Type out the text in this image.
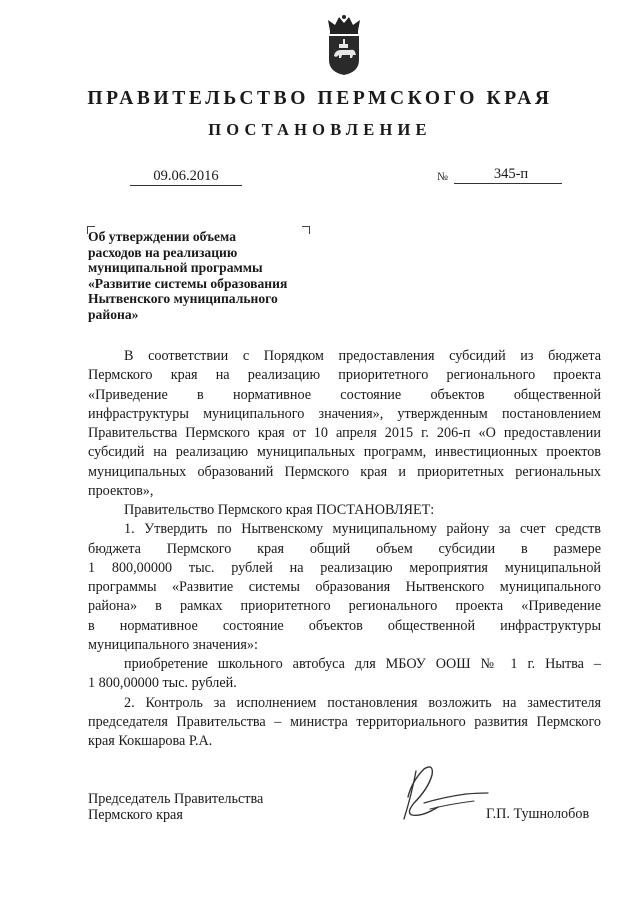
ПРАВИТЕЛЬСТВО ПЕРМСКОГО КРАЯ
ПОСТАНОВЛЕНИЕ
09.06.2016	№	345-п
Об утверждении объема
расходов на реализацию
муниципальной программы
«Развитие системы образования
Нытвенского муниципального
района»
В соответствии с Порядком предоставления субсидий из бюджета
Пермского края на реализацию приоритетного регионального проекта
«Приведение в нормативное состояние объектов общественной
инфраструктуры муниципального значения», утвержденным постановлением
Правительства Пермского края от 10 апреля 2015 г. 206-п «О предоставлении
субсидий на реализацию муниципальных программ, инвестиционных проектов
муниципальных образований Пермского края и приоритетных региональных
проектов»,
Правительство Пермского края ПОСТАНОВЛЯЕТ:
1. Утвердить по Нытвенскому муниципальному району за счет средств
бюджета Пермского края общий объем субсидии в размере
1 800,00000 тыс. рублей на реализацию мероприятия муниципальной
программы «Развитие системы образования Нытвенского муниципального
района» в рамках приоритетного регионального проекта «Приведение
в нормативное состояние объектов общественной инфраструктуры
муниципального значения»:
приобретение школьного автобуса для МБОУ ООШ № 1 г. Нытва –
1 800,00000 тыс. рублей.
2. Контроль за исполнением постановления возложить на заместителя
председателя Правительства – министра территориального развития Пермского
края Кокшарова Р.А.
Председатель Правительства
Пермского края	Г.П. Тушнолобов
